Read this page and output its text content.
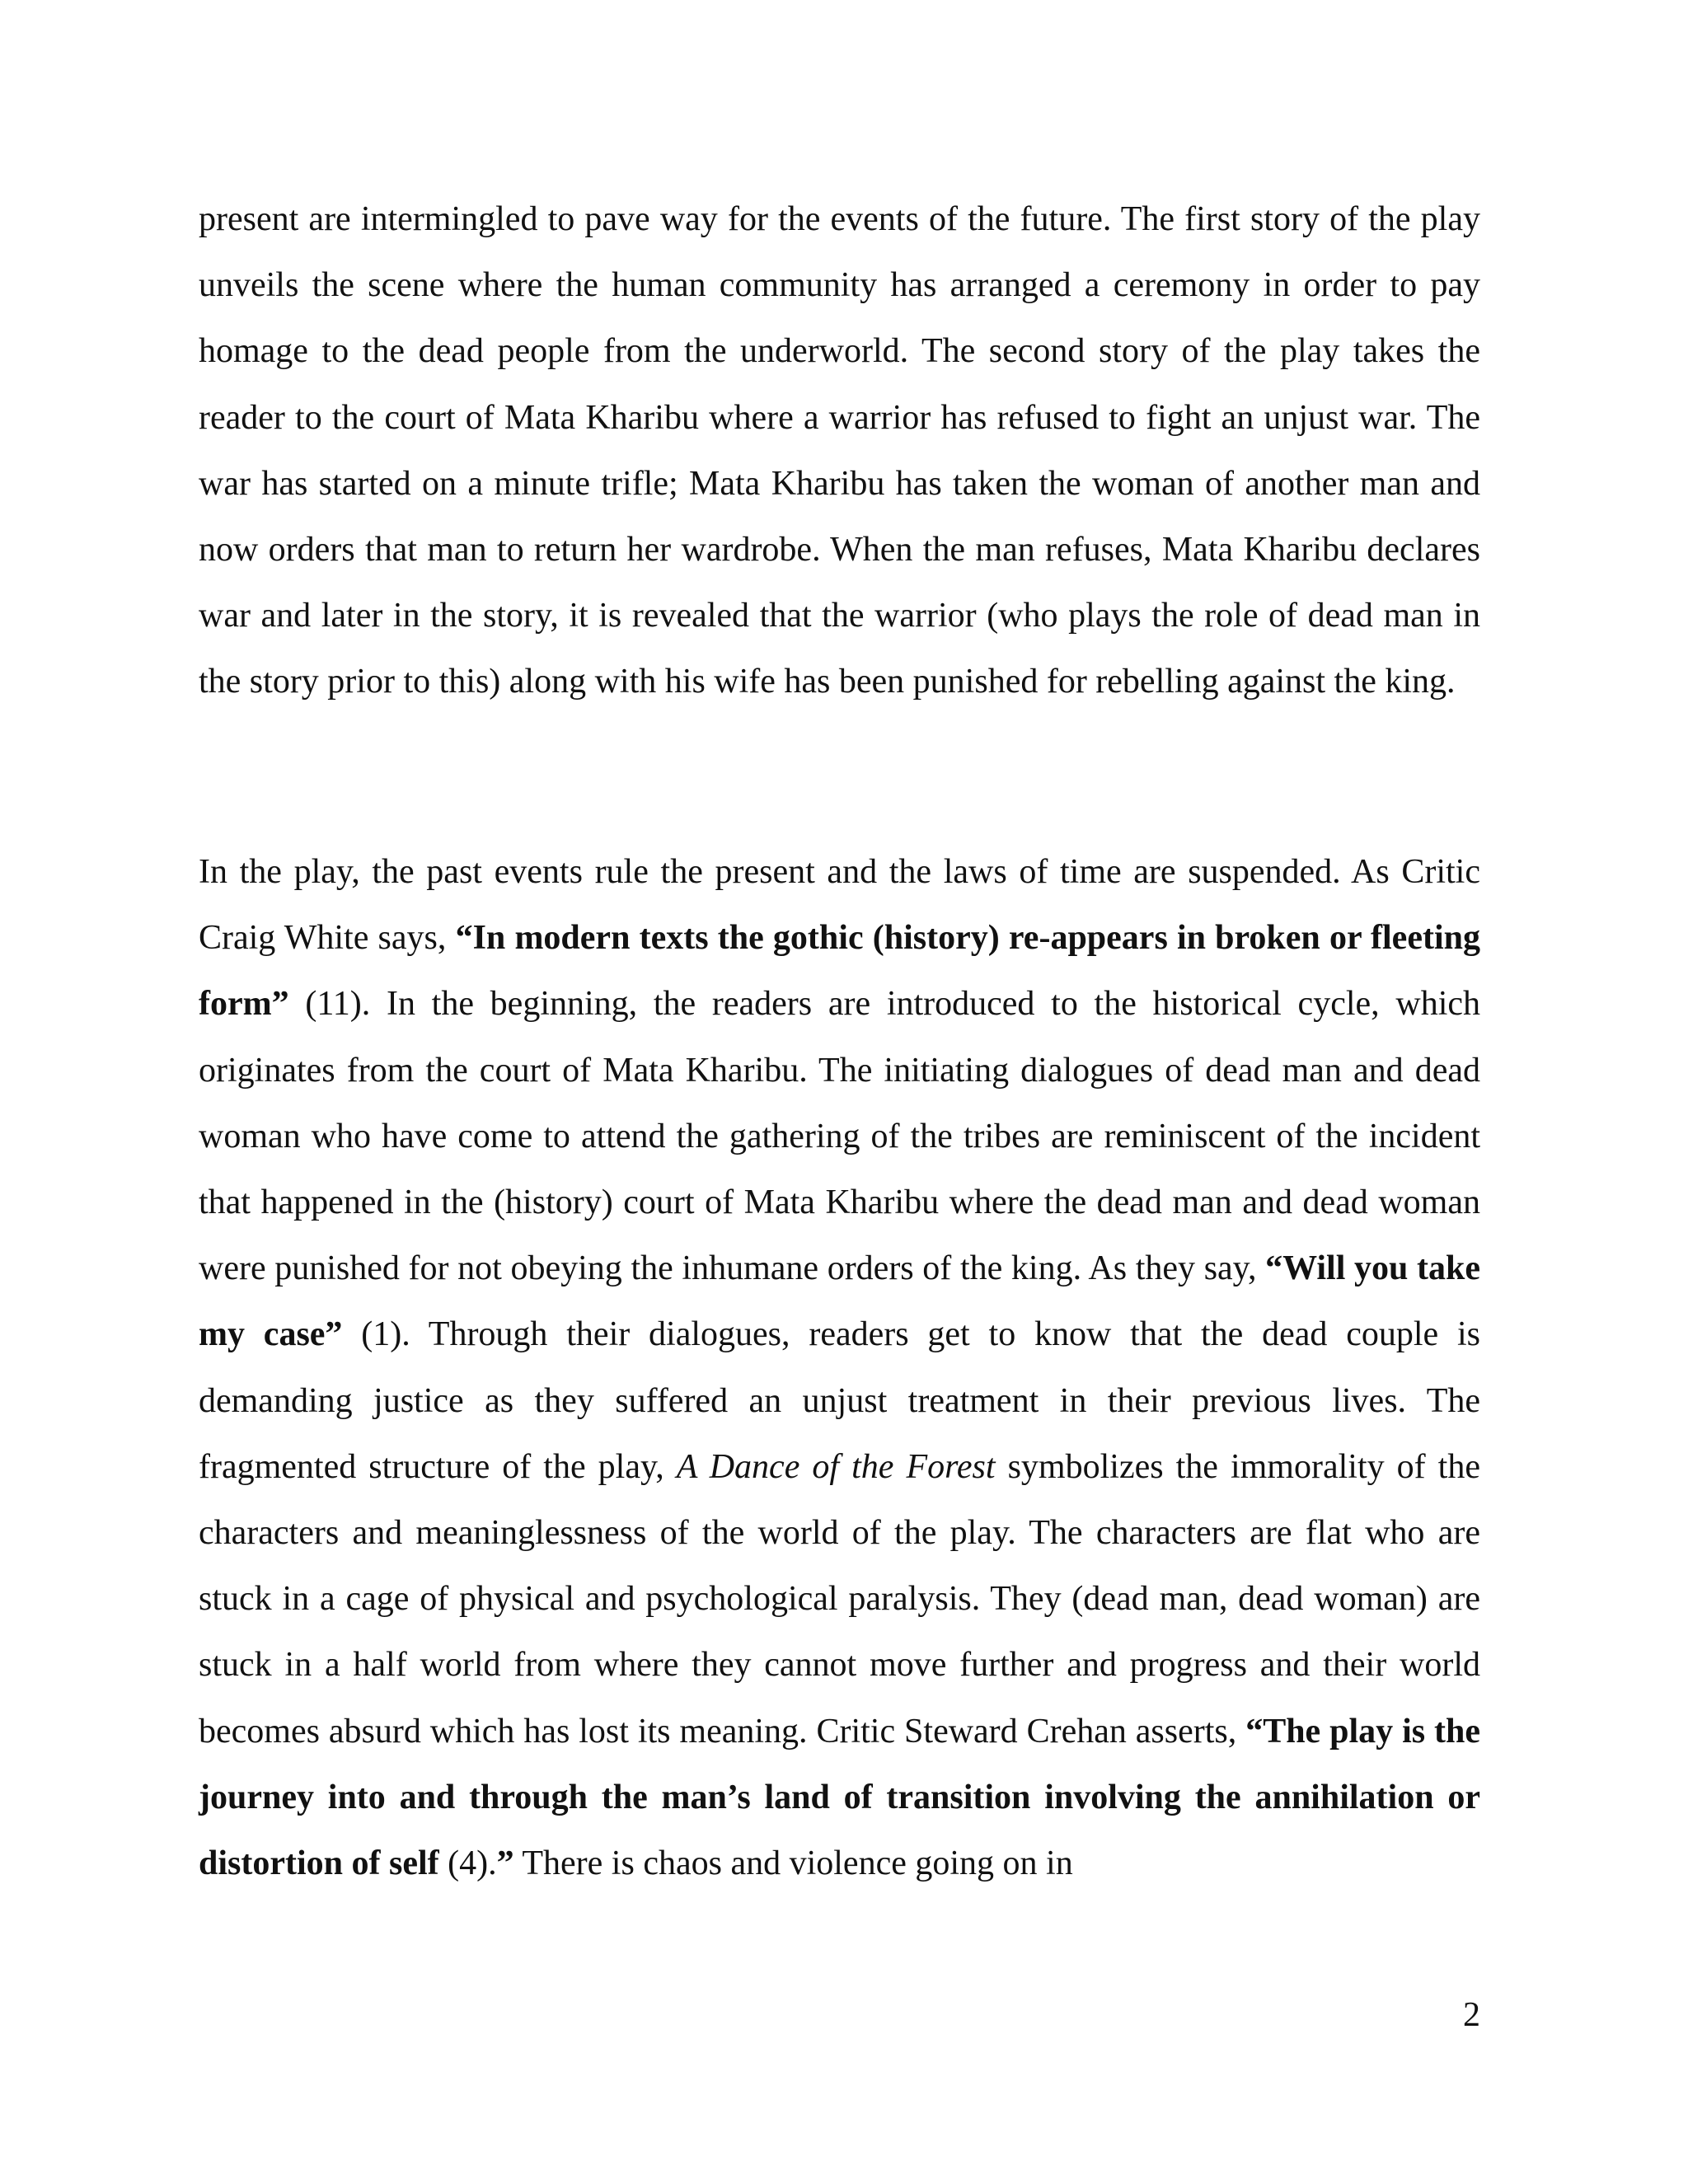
present are intermingled to pave way for the events of the future. The first story of the play unveils the scene where the human community has arranged a ceremony in order to pay homage to the dead people from the underworld. The second story of the play takes the reader to the court of Mata Kharibu where a warrior has refused to fight an unjust war. The war has started on a minute trifle; Mata Kharibu has taken the woman of another man and now orders that man to return her wardrobe. When the man refuses, Mata Kharibu declares war and later in the story, it is revealed that the warrior (who plays the role of dead man in the story prior to this) along with his wife has been punished for rebelling against the king.

In the play, the past events rule the present and the laws of time are suspended. As Critic Craig White says, “In modern texts the gothic (history) re-appears in broken or fleeting form” (11). In the beginning, the readers are introduced to the historical cycle, which originates from the court of Mata Kharibu. The initiating dialogues of dead man and dead woman who have come to attend the gathering of the tribes are reminiscent of the incident that happened in the (history) court of Mata Kharibu where the dead man and dead woman were punished for not obeying the inhumane orders of the king. As they say, “Will you take my case” (1). Through their dialogues, readers get to know that the dead couple is demanding justice as they suffered an unjust treatment in their previous lives. The fragmented structure of the play, A Dance of the Forest symbolizes the immorality of the characters and meaninglessness of the world of the play. The characters are flat who are stuck in a cage of physical and psychological paralysis. They (dead man, dead woman) are stuck in a half world from where they cannot move further and progress and their world becomes absurd which has lost its meaning. Critic Steward Crehan asserts, “The play is the journey into and through the man’s land of transition involving the annihilation or distortion of self (4).” There is chaos and violence going on in

2
